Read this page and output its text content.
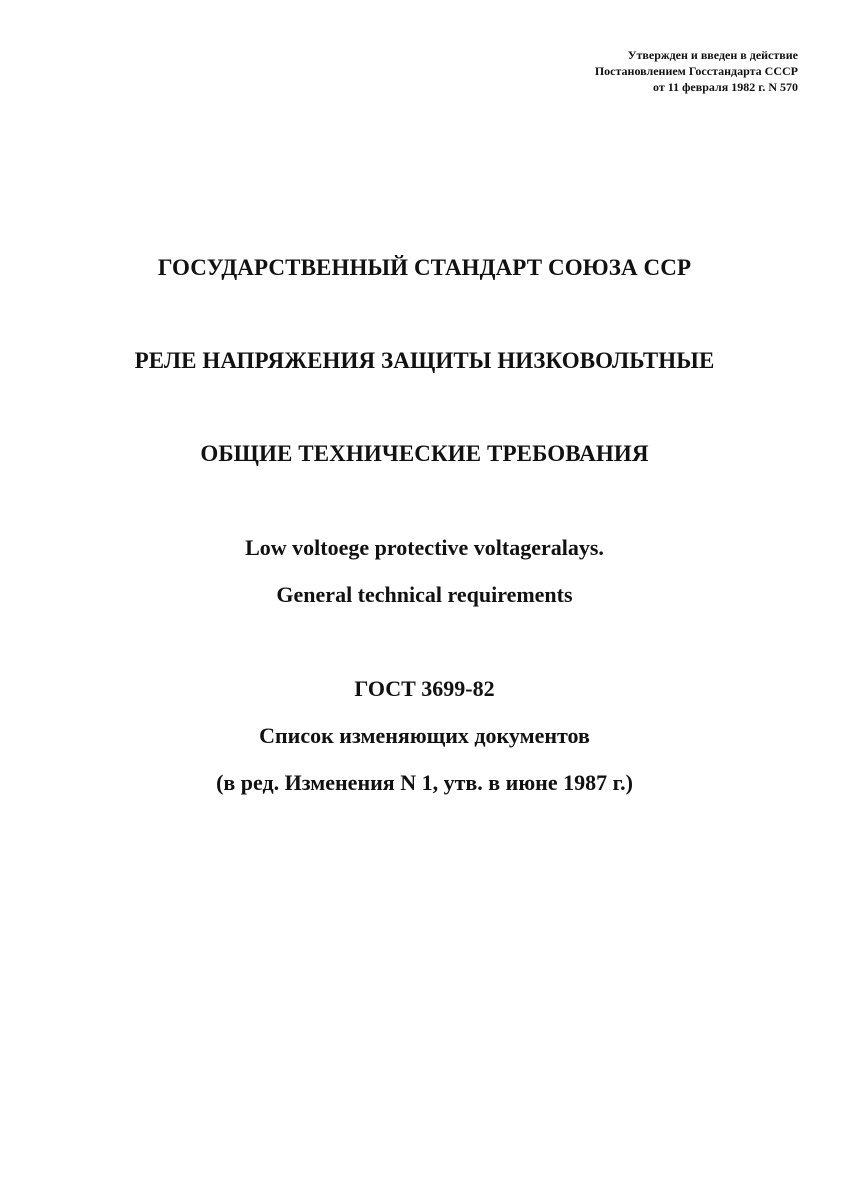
Утвержден и введен в действие
Постановлением Госстандарта СССР
от 11 февраля 1982 г. N 570
ГОСУДАРСТВЕННЫЙ СТАНДАРТ СОЮЗА ССР
РЕЛЕ НАПРЯЖЕНИЯ ЗАЩИТЫ НИЗКОВОЛЬТНЫЕ
ОБЩИЕ ТЕХНИЧЕСКИЕ ТРЕБОВАНИЯ
Low voltoege protective voltageralays.
General technical requirements
ГОСТ 3699-82
Список изменяющих документов
(в ред. Изменения N 1, утв. в июне 1987 г.)
